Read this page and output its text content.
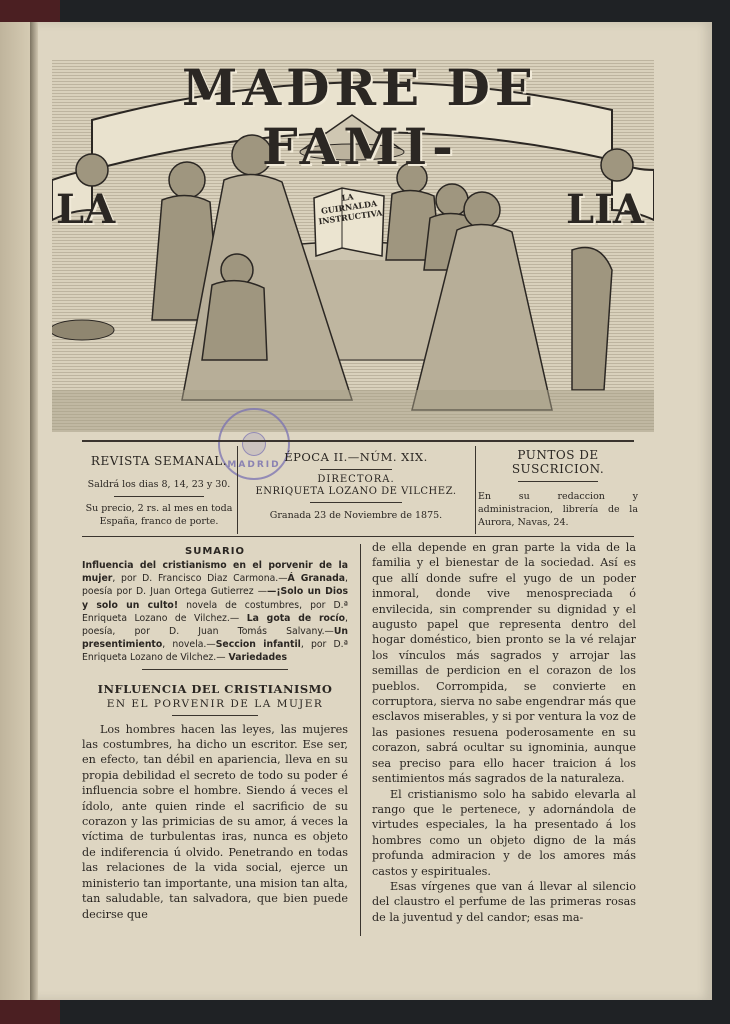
MADRE DE FAMI-
LA	LIA
LA GUIRNALDA INSTRUCTIVA
MADRID
REVISTA SEMANAL.
Saldrá los dias 8, 14, 23 y 30.
Su precio, 2 rs. al mes en toda España, franco de porte.
ÉPOCA II.—NÚM. XIX.
DIRECTORA.
ENRIQUETA LOZANO DE VILCHEZ.
Granada 23 de Noviembre de 1875.
PUNTOS DE SUSCRICION.
En su redaccion y administracion, librería de la Aurora, Navas, 24.
SUMARIO
Influencia del cristianismo en el porvenir de la mujer, por D. Francisco Diaz Carmona.—Á Granada, poesía por D. Juan Ortega Gutierrez ——¡Solo un Dios y solo un culto! novela de costumbres, por D.ª Enriqueta Lozano de Vilchez.— La gota de rocío, poesía, por D. Juan Tomás Salvany.—Un presentimiento, novela.—Seccion infantil, por D.ª Enriqueta Lozano de Vilchez.— Variedades
INFLUENCIA DEL CRISTIANISMO
EN EL PORVENIR DE LA MUJER

Los hombres hacen las leyes, las mujeres las costumbres, ha dicho un escritor. Ese ser, en efecto, tan débil en apariencia, lleva en su propia debilidad el secreto de todo su poder é influencia sobre el hombre. Siendo á veces el ídolo, ante quien rinde el sacrificio de su corazon y las primicias de su amor, á veces la víctima de turbulentas iras, nunca es objeto de indiferencia ú olvido. Penetrando en todas las relaciones de la vida social, ejerce un ministerio tan importante, una mision tan alta, tan saludable, tan salvadora, que bien puede decirse que

de ella depende en gran parte la vida de la familia y el bienestar de la sociedad. Así es que allí donde sufre el yugo de un poder inmoral, donde vive menospreciada ó envilecida, sin comprender su dignidad y el augusto papel que representa dentro del hogar doméstico, bien pronto se la vé relajar los vínculos más sagrados y arrojar las semillas de perdicion en el corazon de los pueblos. Corrompida, se convierte en corruptora, sierva no sabe engendrar más que esclavos miserables, y si por ventura la voz de las pasiones resuena poderosamente en su corazon, sabrá ocultar su ignominia, aunque sea preciso para ello hacer traicion á los sentimientos más sagrados de la naturaleza.

El cristianismo solo ha sabido elevarla al rango que le pertenece, y adornándola de virtudes especiales, la ha presentado á los hombres como un objeto digno de la más profunda admiracion y de los amores más castos y espirituales.

Esas vírgenes que van á llevar al silencio del claustro el perfume de las primeras rosas de la juventud y del candor; esas ma-
